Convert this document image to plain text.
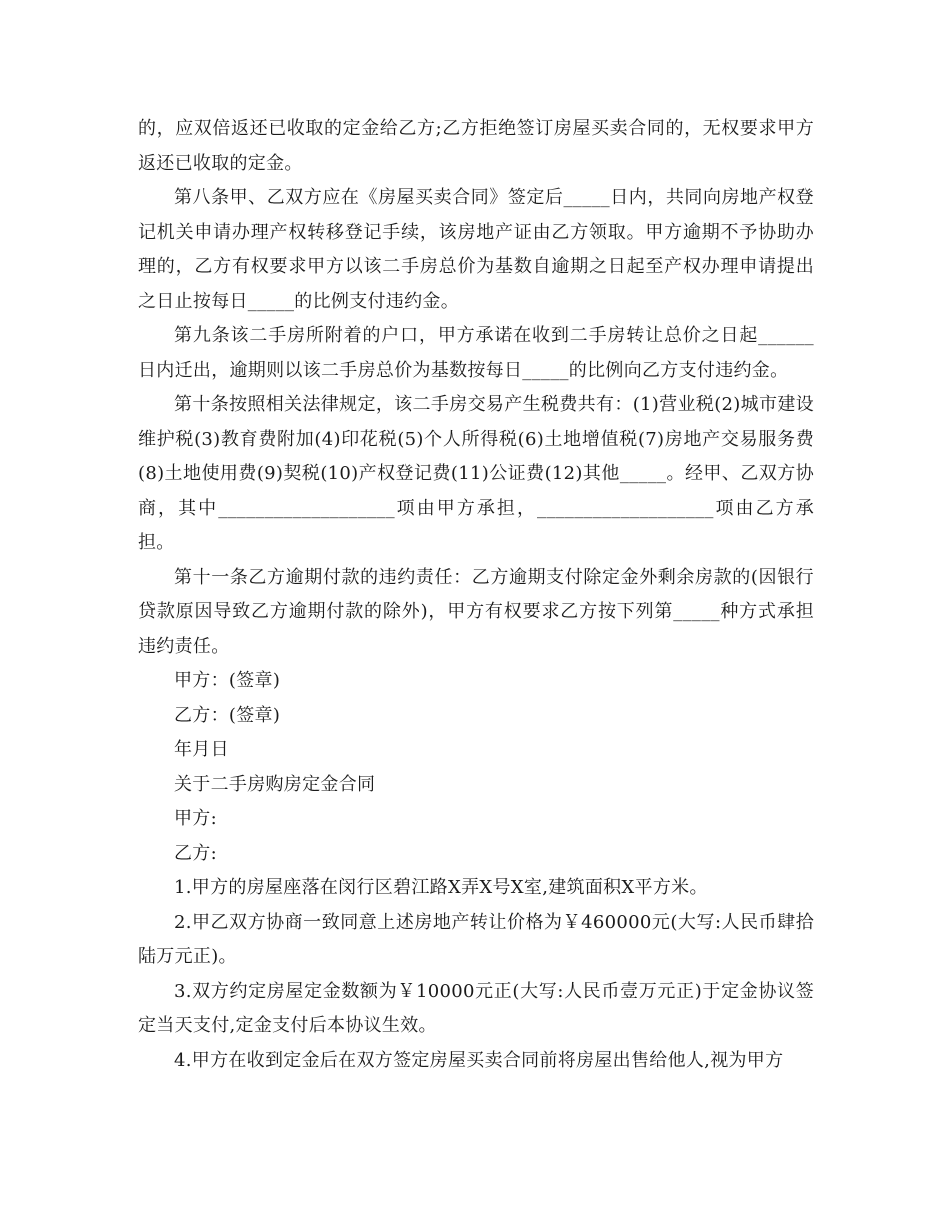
的，应双倍返还已收取的定金给乙方;乙方拒绝签订房屋买卖合同的，无权要求甲方返还已收取的定金。

第八条甲、乙双方应在《房屋买卖合同》签定后_____日内，共同向房地产权登记机关申请办理产权转移登记手续，该房地产证由乙方领取。甲方逾期不予协助办理的，乙方有权要求甲方以该二手房总价为基数自逾期之日起至产权办理申请提出之日止按每日_____的比例支付违约金。

第九条该二手房所附着的户口，甲方承诺在收到二手房转让总价之日起______日内迁出，逾期则以该二手房总价为基数按每日_____的比例向乙方支付违约金。

第十条按照相关法律规定，该二手房交易产生税费共有：(1)营业税(2)城市建设维护税(3)教育费附加(4)印花税(5)个人所得税(6)土地增值税(7)房地产交易服务费(8)土地使用费(9)契税(10)产权登记费(11)公证费(12)其他_____。经甲、乙双方协商，其中___________________项由甲方承担，___________________项由乙方承担。

第十一条乙方逾期付款的违约责任：乙方逾期支付除定金外剩余房款的(因银行贷款原因导致乙方逾期付款的除外)，甲方有权要求乙方按下列第_____种方式承担违约责任。

甲方：(签章)

乙方：(签章)

年月日

关于二手房购房定金合同

甲方:

乙方:

1.甲方的房屋座落在闵行区碧江路X弄X号X室,建筑面积X平方米。

2.甲乙双方协商一致同意上述房地产转让价格为￥460000元(大写:人民币肆拾陆万元正)。

3.双方约定房屋定金数额为￥10000元正(大写:人民币壹万元正)于定金协议签定当天支付,定金支付后本协议生效。

4.甲方在收到定金后在双方签定房屋买卖合同前将房屋出售给他人,视为甲方
